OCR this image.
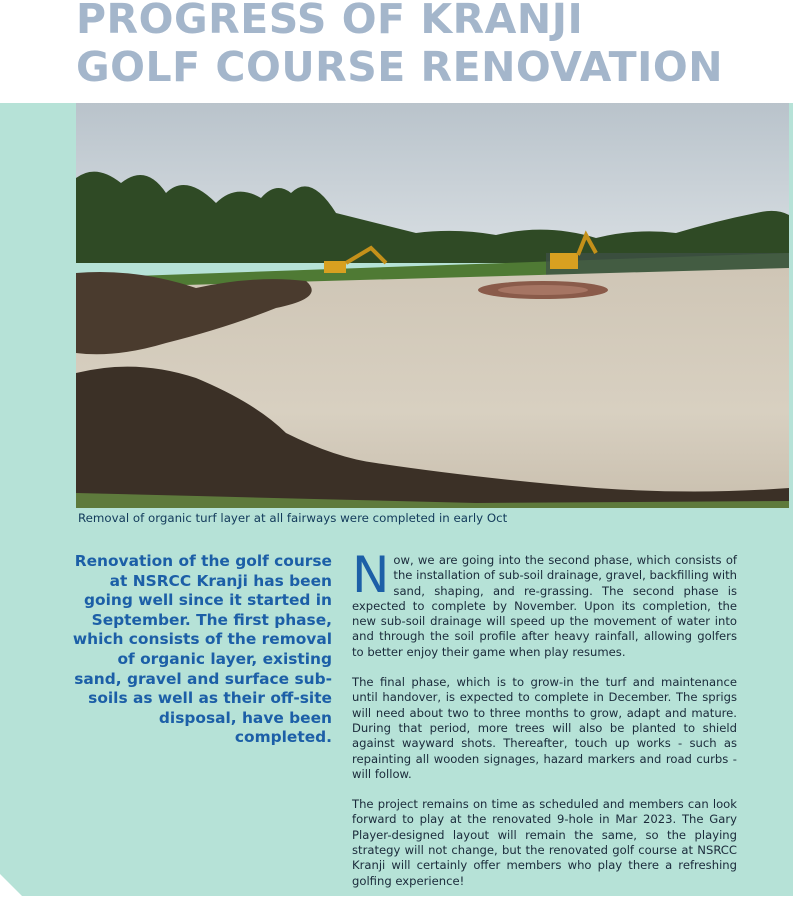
PROGRESS OF KRANJI
GOLF COURSE RENOVATION
Removal of organic turf layer at all fairways were completed in early Oct
Renovation of the golf course at NSRCC Kranji has been going well since it started in September. The first phase, which consists of the removal of organic layer, existing sand, gravel and surface sub-soils as well as their off-site disposal, have been completed.

Now, we are going into the second phase, which consists of the installation of sub-soil drainage, gravel, backfilling with sand, shaping, and re-grassing. The second phase is expected to complete by November. Upon its completion, the new sub-soil drainage will speed up the movement of water into and through the soil profile after heavy rainfall, allowing golfers to better enjoy their game when play resumes.

The final phase, which is to grow-in the turf and maintenance until handover, is expected to complete in December. The sprigs will need about two to three months to grow, adapt and mature. During that period, more trees will also be planted to shield against wayward shots. Thereafter, touch up works - such as repainting all wooden signages, hazard markers and road curbs - will follow.

The project remains on time as scheduled and members can look forward to play at the renovated 9-hole in Mar 2023. The Gary Player-designed layout will remain the same, so the playing strategy will not change, but the renovated golf course at NSRCC Kranji will certainly offer members who play there a refreshing golfing experience!
